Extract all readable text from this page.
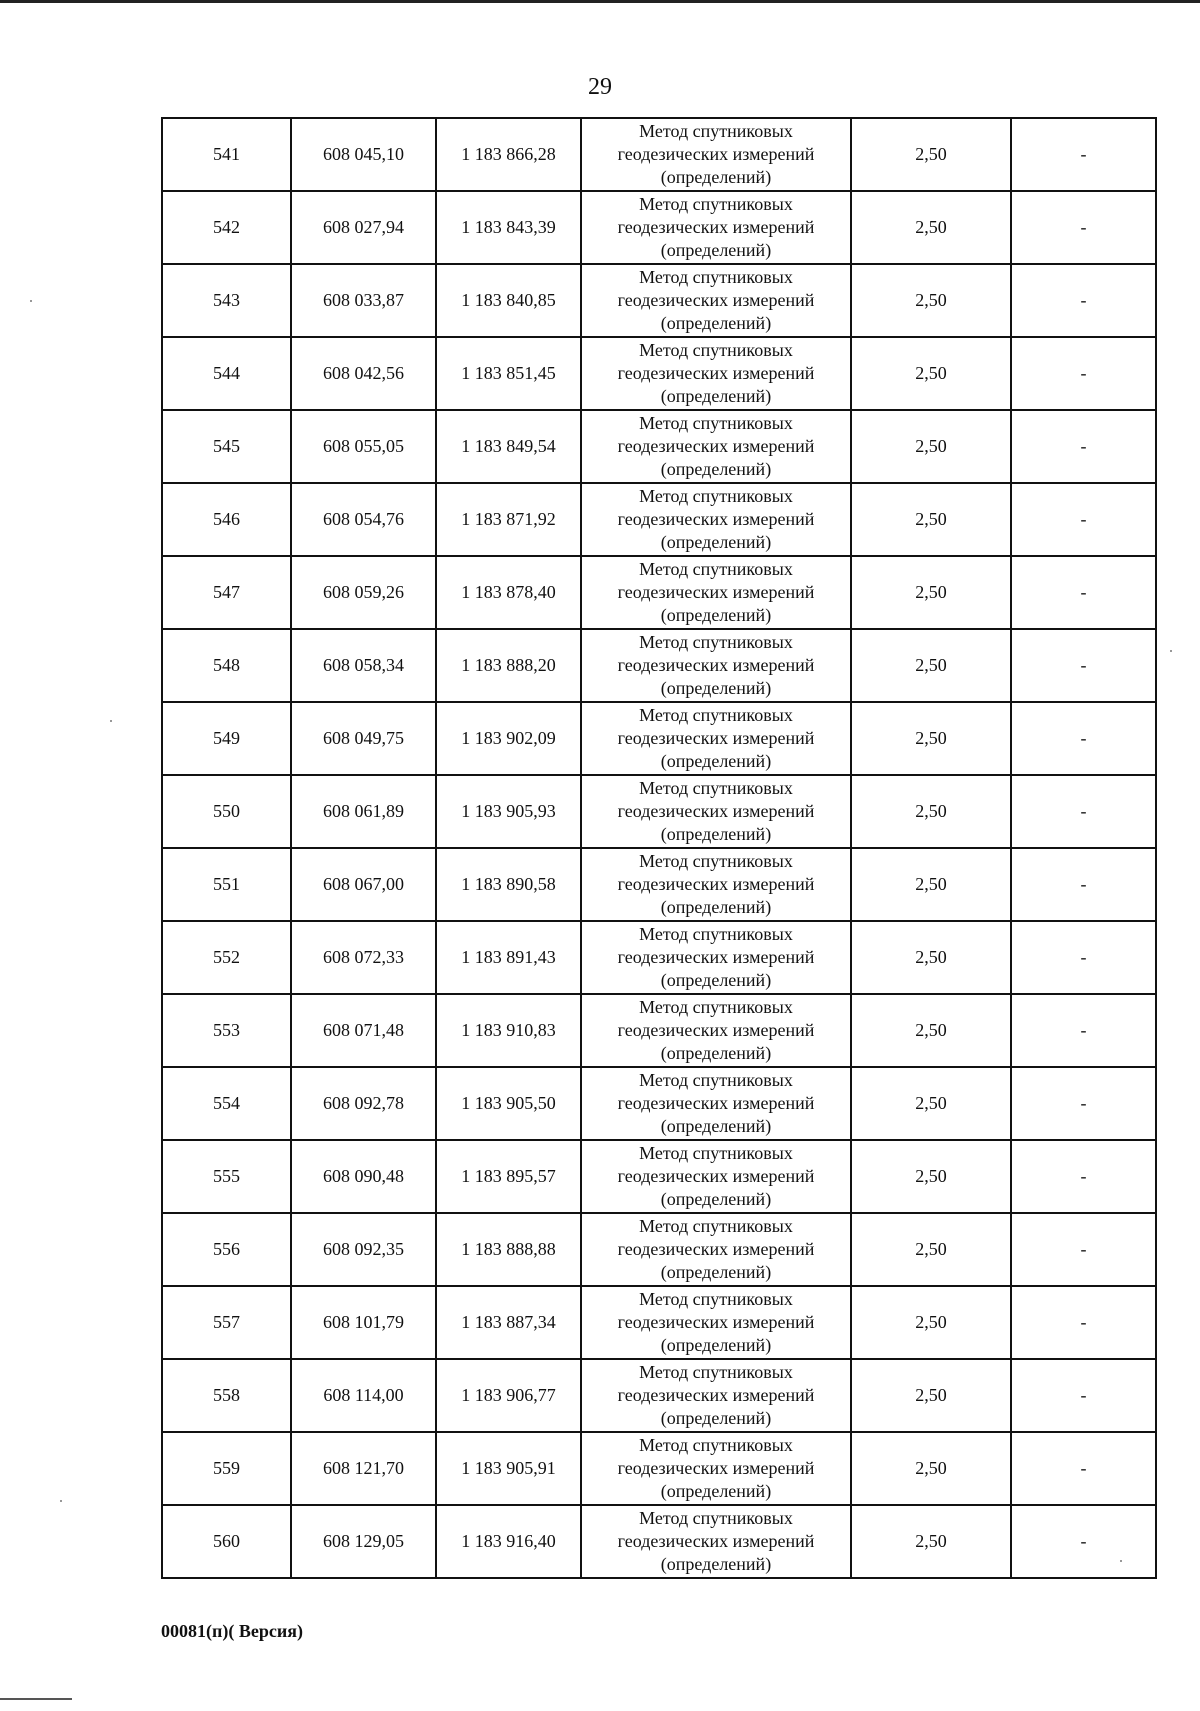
29
541	608 045,10	1 183 866,28	Метод спутниковых
геодезических измерений
(определений)	2,50	-
542	608 027,94	1 183 843,39	Метод спутниковых
геодезических измерений
(определений)	2,50	-
543	608 033,87	1 183 840,85	Метод спутниковых
геодезических измерений
(определений)	2,50	-
544	608 042,56	1 183 851,45	Метод спутниковых
геодезических измерений
(определений)	2,50	-
545	608 055,05	1 183 849,54	Метод спутниковых
геодезических измерений
(определений)	2,50	-
546	608 054,76	1 183 871,92	Метод спутниковых
геодезических измерений
(определений)	2,50	-
547	608 059,26	1 183 878,40	Метод спутниковых
геодезических измерений
(определений)	2,50	-
548	608 058,34	1 183 888,20	Метод спутниковых
геодезических измерений
(определений)	2,50	-
549	608 049,75	1 183 902,09	Метод спутниковых
геодезических измерений
(определений)	2,50	-
550	608 061,89	1 183 905,93	Метод спутниковых
геодезических измерений
(определений)	2,50	-
551	608 067,00	1 183 890,58	Метод спутниковых
геодезических измерений
(определений)	2,50	-
552	608 072,33	1 183 891,43	Метод спутниковых
геодезических измерений
(определений)	2,50	-
553	608 071,48	1 183 910,83	Метод спутниковых
геодезических измерений
(определений)	2,50	-
554	608 092,78	1 183 905,50	Метод спутниковых
геодезических измерений
(определений)	2,50	-
555	608 090,48	1 183 895,57	Метод спутниковых
геодезических измерений
(определений)	2,50	-
556	608 092,35	1 183 888,88	Метод спутниковых
геодезических измерений
(определений)	2,50	-
557	608 101,79	1 183 887,34	Метод спутниковых
геодезических измерений
(определений)	2,50	-
558	608 114,00	1 183 906,77	Метод спутниковых
геодезических измерений
(определений)	2,50	-
559	608 121,70	1 183 905,91	Метод спутниковых
геодезических измерений
(определений)	2,50	-
560	608 129,05	1 183 916,40	Метод спутниковых
геодезических измерений
(определений)	2,50	-
00081(п)( Версия)
